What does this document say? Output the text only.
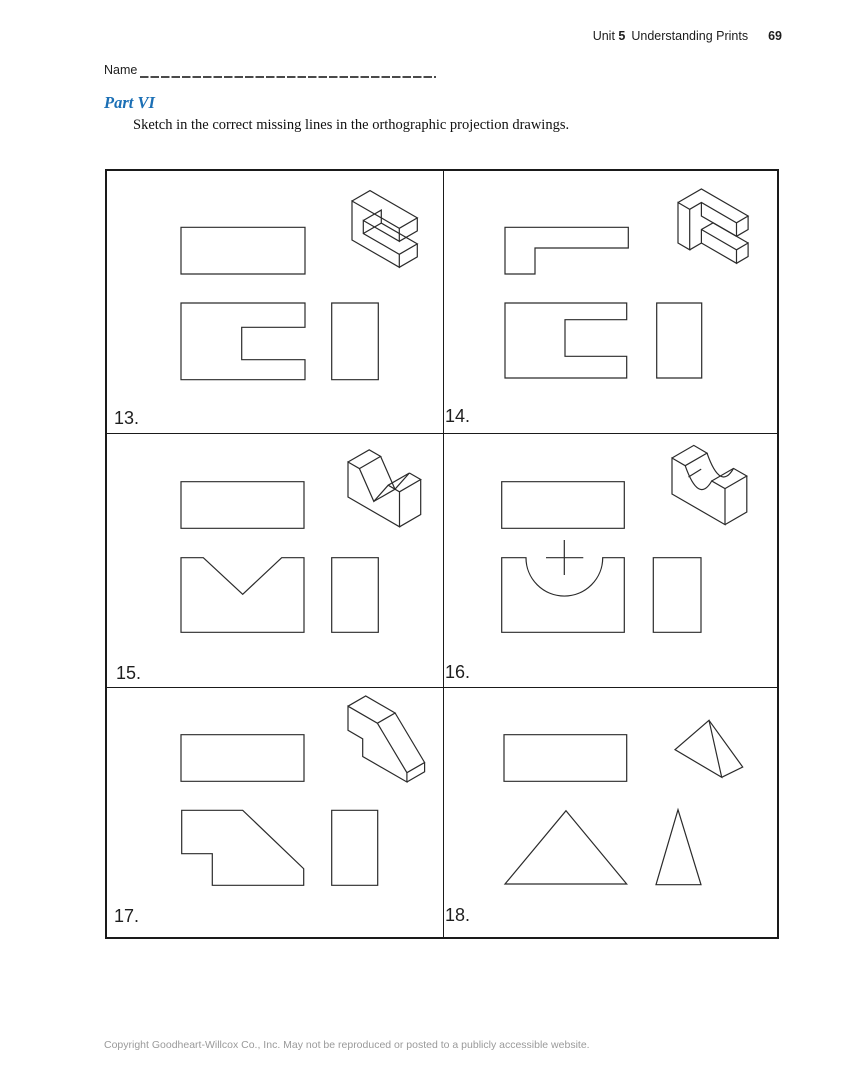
Unit 5 Understanding Prints 69
Name
Part VI
Sketch in the correct missing lines in the orthographic projection drawings.
13.	14.
15.	16.
17.	18.
Copyright Goodheart-Willcox Co., Inc. May not be reproduced or posted to a publicly accessible website.
